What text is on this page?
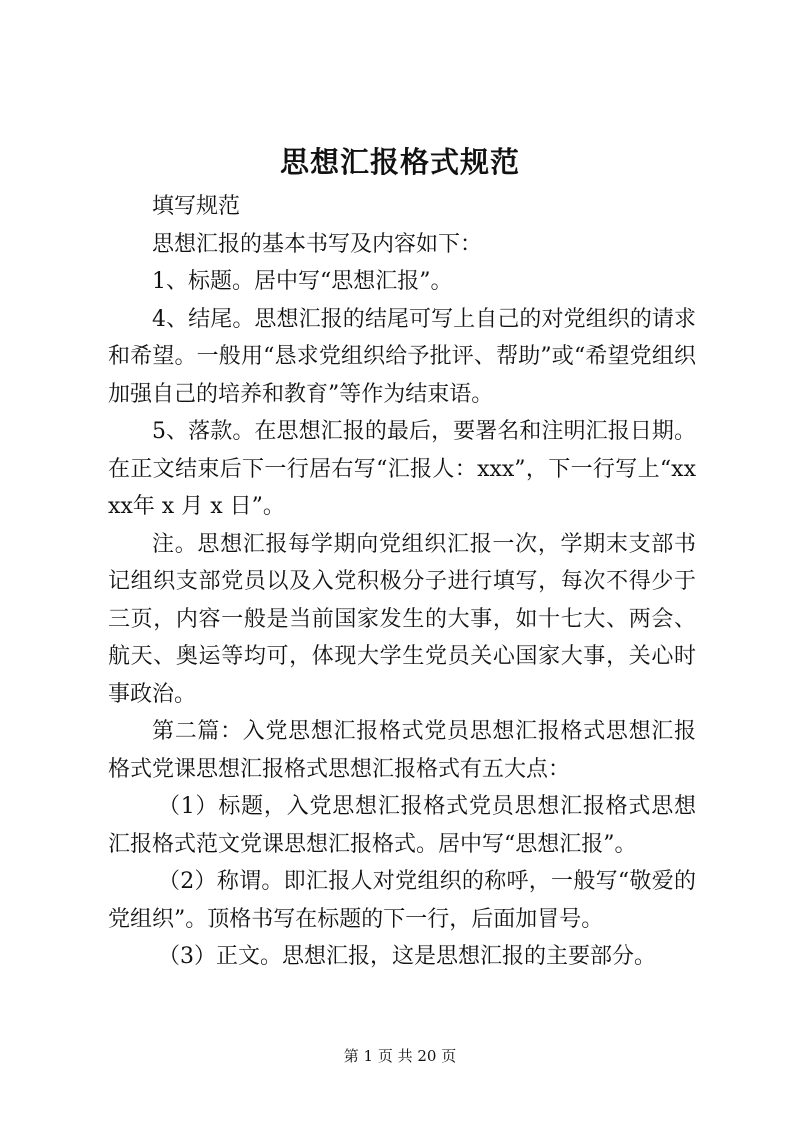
思想汇报格式规范

填写规范

思想汇报的基本书写及内容如下：

1、标题。居中写“思想汇报”。

4、结尾。思想汇报的结尾可写上自己的对党组织的请求和希望。一般用“恳求党组织给予批评、帮助”或“希望党组织加强自己的培养和教育”等作为结束语。

5、落款。在思想汇报的最后，要署名和注明汇报日期。在正文结束后下一行居右写“汇报人：xxx”，下一行写上“xxxx年 x 月 x 日”。

注。思想汇报每学期向党组织汇报一次，学期末支部书记组织支部党员以及入党积极分子进行填写，每次不得少于三页，内容一般是当前国家发生的大事，如十七大、两会、航天、奥运等均可，体现大学生党员关心国家大事，关心时事政治。

第二篇：入党思想汇报格式党员思想汇报格式思想汇报格式党课思想汇报格式思想汇报格式有五大点：

（1）标题，入党思想汇报格式党员思想汇报格式思想汇报格式范文党课思想汇报格式。居中写“思想汇报”。

（2）称谓。即汇报人对党组织的称呼，一般写“敬爱的党组织”。顶格书写在标题的下一行，后面加冒号。

（3）正文。思想汇报，这是思想汇报的主要部分。

第 1 页 共 20 页
